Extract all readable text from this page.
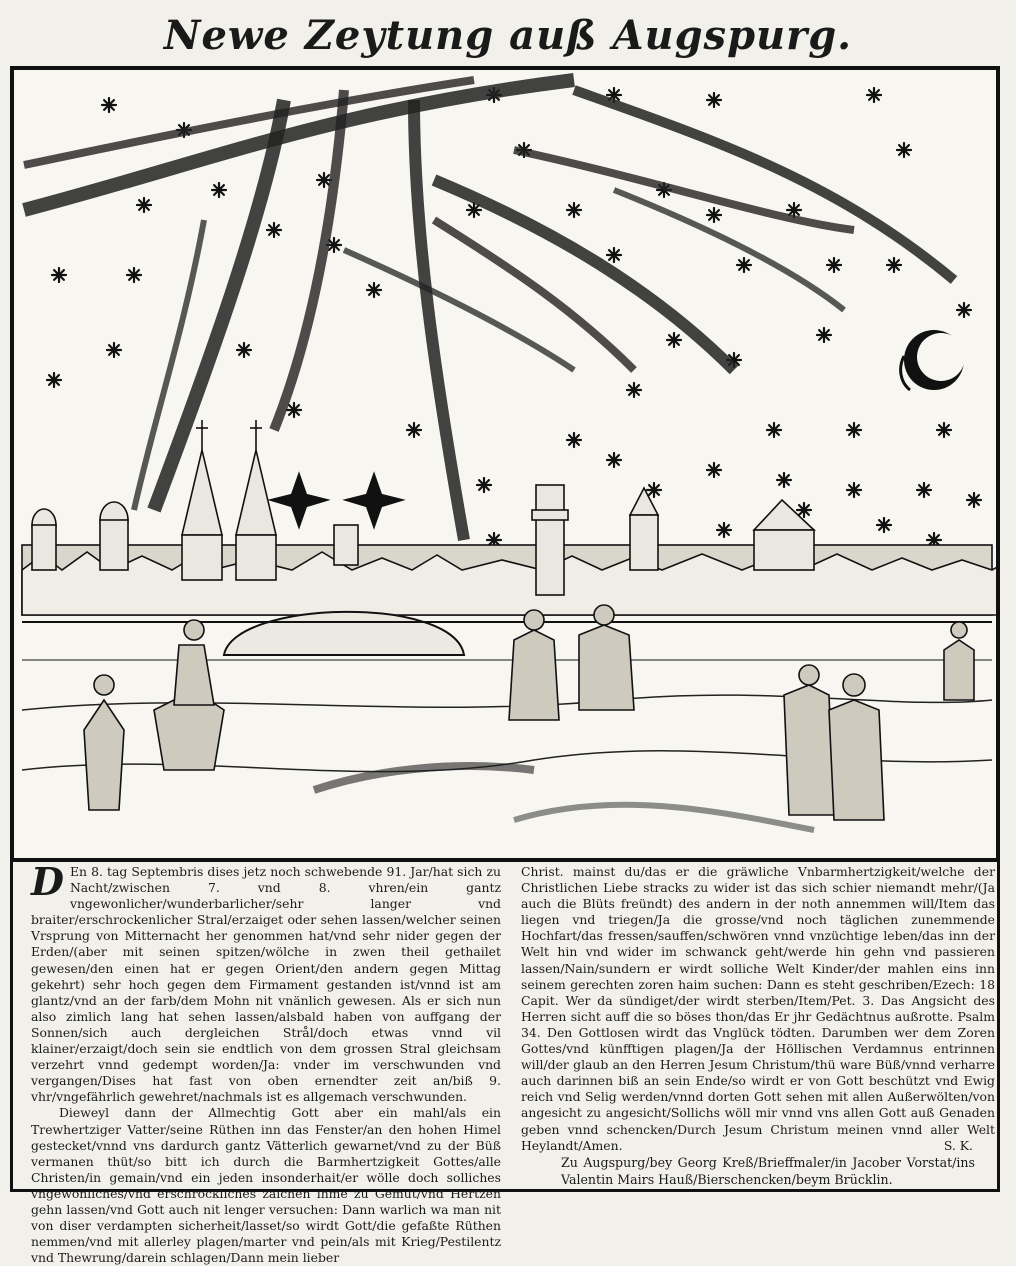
Newe Zeytung auß Augspurg.

D En 8. tag Septembris dises jetz noch schwebende 91. Jar/hat sich zu Nacht/zwischen 7. vnd 8. vhren/ein gantz vngewonlicher/wunderbarlicher/sehr langer vnd braiter/erschrockenlicher Stral/erzaiget oder sehen lassen/welcher seinen Vrsprung von Mitternacht her genommen hat/vnd sehr nider gegen der Erden/(aber mit seinen spitzen/wölche in zwen theil gethailet gewesen/den einen hat er gegen Orient/den andern gegen Mittag gekehrt) sehr hoch gegen dem Firmament gestanden ist/vnnd ist am glantz/vnd an der farb/dem Mohn nit vnänlich gewesen. Als er sich nun also zimlich lang hat sehen lassen/alsbald haben von auffgang der Sonnen/sich auch dergleichen Strål/doch etwas vnnd vil klainer/erzaigt/doch sein sie endtlich von dem grossen Stral gleichsam verzehrt vnnd gedempt worden/Ja: vnder im verschwunden vnd vergangen/Dises hat fast von oben ernendter zeit an/biß 9. vhr/vngefährlich gewehret/nachmals ist es allgemach verschwunden.

Dieweyl dann der Allmechtig Gott aber ein mahl/als ein Trewhertziger Vatter/seine Rüthen inn das Fenster/an den hohen Himel gestecket/vnnd vns dardurch gantz Vätterlich gewarnet/vnd zu der Büß vermanen thüt/so bitt ich durch die Barmhertzigkeit Gottes/alle Christen/in gemain/vnd ein jeden insonderhait/er wölle doch solliches vngewonliches/vnd erschröckliches zaichen ihme zu Gemüt/vnd Hertzen gehn lassen/vnd Gott auch nit lenger versuchen: Dann warlich wa man nit von diser verdampten sicherheit/lasset/so wirdt Gott/die gefaßte Rüthen nemmen/vnd mit allerley plagen/marter vnd pein/als mit Krieg/Pestilentz vnd Thewrung/darein schlagen/Dann mein lieber

Christ. mainst du/das er die gräwliche Vnbarmhertzigkeit/welche der Christlichen Liebe stracks zu wider ist das sich schier niemandt mehr/(Ja auch die Blüts freündt) des andern in der noth annemmen will/Item das liegen vnd triegen/Ja die grosse/vnd noch täglichen zunemmende Hochfart/das fressen/sauffen/schwören vnnd vnzüchtige leben/das inn der Welt hin vnd wider im schwanck geht/werde hin gehn vnd passieren lassen/Nain/sundern er wirdt solliche Welt Kinder/der mahlen eins inn seinem gerechten zoren haim suchen: Dann es steht geschriben/Ezech: 18 Capit. Wer da sündiget/der wirdt sterben/Item/Pet. 3. Das Angsicht des Herren sicht auff die so böses thon/das Er jhr Gedächtnus außrotte. Psalm 34. Den Gottlosen wirdt das Vnglück tödten. Darumben wer dem Zoren Gottes/vnd künfftigen plagen/Ja der Höllischen Verdamnus entrinnen will/der glaub an den Herren Jesum Christum/thü ware Büß/vnnd verharre auch darinnen biß an sein Ende/so wirdt er von Gott beschützt vnd Ewig reich vnd Selig werden/vnnd dorten Gott sehen mit allen Außerwölten/von angesicht zu angesicht/Sollichs wöll mir vnnd vns allen Gott auß Genaden geben vnnd schencken/Durch Jesum Christum meinen vnnd aller Welt Heylandt/Amen.	S. K.

Zu Augspurg/bey Georg Kreß/Brieffmaler/in Jacober Vorstat/ins Valentin Mairs Hauß/Bierschencken/beym Brücklin.
